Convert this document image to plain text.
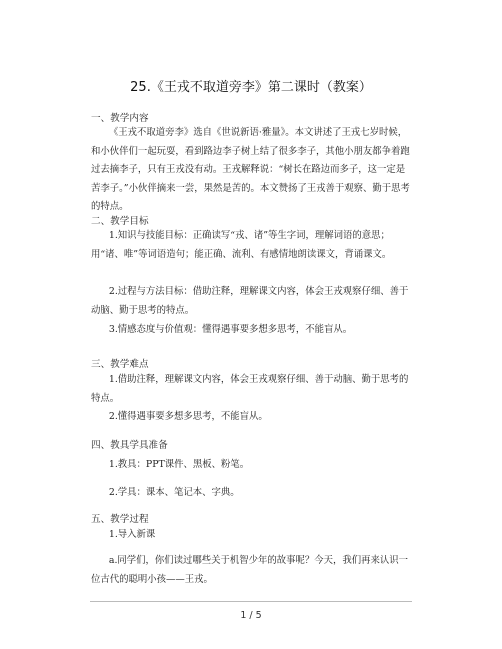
25.《王戎不取道旁李》第二课时（教案）
一、教学内容
《王戎不取道旁李》选自《世说新语·雅量》。本文讲述了王戎七岁时候，和小伙伴们一起玩耍，看到路边李子树上结了很多李子，其他小朋友都争着跑过去摘李子，只有王戎没有动。王戎解释说：“树长在路边而多子，这一定是苦李子。”小伙伴摘来一尝，果然是苦的。本文赞扬了王戎善于观察、勤于思考的特点。
二、教学目标
1.知识与技能目标：正确读写“戎、诸”等生字词，理解词语的意思；用“诸、唯”等词语造句；能正确、流利、有感情地朗读课文，背诵课文。
2.过程与方法目标：借助注释，理解课文内容，体会王戎观察仔细、善于动脑、勤于思考的特点。
3.情感态度与价值观：懂得遇事要多想多思考，不能盲从。
三、教学难点
1.借助注释，理解课文内容，体会王戎观察仔细、善于动脑、勤于思考的特点。
2.懂得遇事要多想多思考，不能盲从。
四、教具学具准备
1.教具：PPT课件、黑板、粉笔。
2.学具：课本、笔记本、字典。
五、教学过程
1.导入新课
a.同学们，你们读过哪些关于机智少年的故事呢？今天，我们再来认识一位古代的聪明小孩——王戎。
1 / 5
